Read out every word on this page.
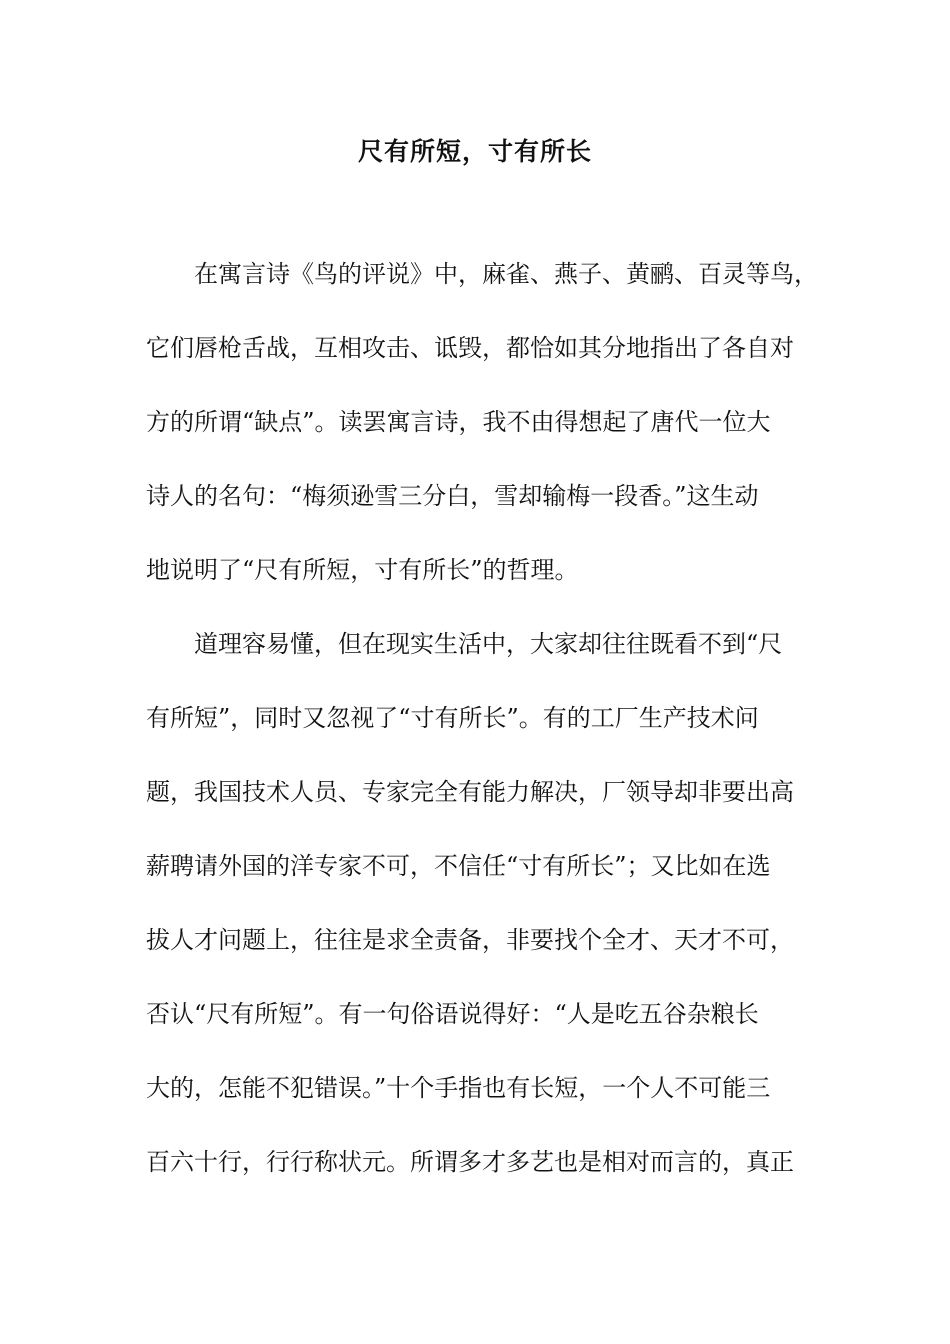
尺有所短，寸有所长
在寓言诗《鸟的评说》中，麻雀、燕子、黄鹂、百灵等鸟，
它们唇枪舌战，互相攻击、诋毁，都恰如其分地指出了各自对
方的所谓“缺点”。读罢寓言诗，我不由得想起了唐代一位大
诗人的名句：“梅须逊雪三分白，雪却输梅一段香。”这生动
地说明了“尺有所短，寸有所长”的哲理。
道理容易懂，但在现实生活中，大家却往往既看不到“尺
有所短”，同时又忽视了“寸有所长”。有的工厂生产技术问
题，我国技术人员、专家完全有能力解决，厂领导却非要出高
薪聘请外国的洋专家不可，不信任“寸有所长”；又比如在选
拔人才问题上，往往是求全责备，非要找个全才、天才不可，
否认“尺有所短”。有一句俗语说得好：“人是吃五谷杂粮长
大的，怎能不犯错误。”十个手指也有长短，一个人不可能三
百六十行，行行称状元。所谓多才多艺也是相对而言的，真正
